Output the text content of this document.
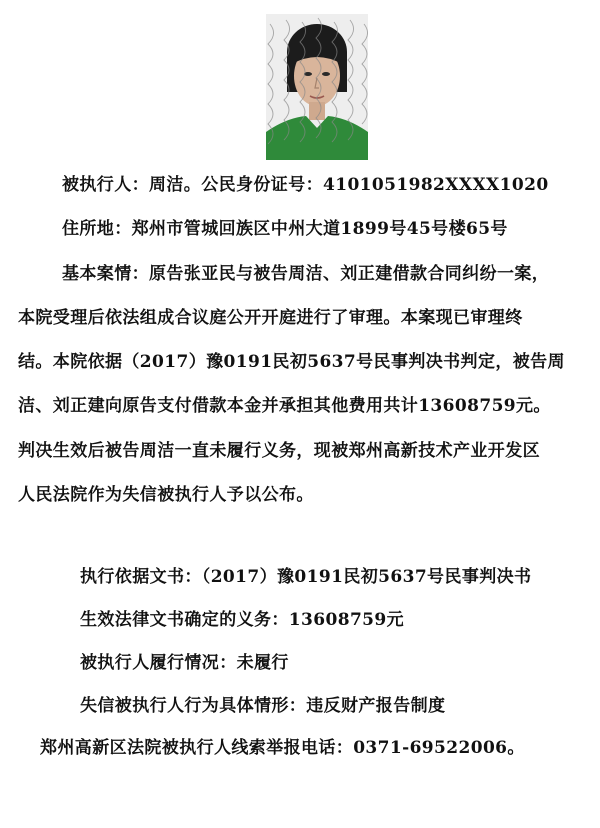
被执行人：周洁。公民身份证号：4101051982XXXX1020
住所地：郑州市管城回族区中州大道1899号45号楼65号
基本案情：原告张亚民与被告周洁、刘正建借款合同纠纷一案，
本院受理后依法组成合议庭公开开庭进行了审理。本案现已审理终
结。本院依据（2017）豫0191民初5637号民事判决书判定，被告周
洁、刘正建向原告支付借款本金并承担其他费用共计13608759元。
判决生效后被告周洁一直未履行义务，现被郑州高新技术产业开发区
人民法院作为失信被执行人予以公布。
执行依据文书：（2017）豫0191民初5637号民事判决书
生效法律文书确定的义务：13608759元
被执行人履行情况：未履行
失信被执行人行为具体情形：违反财产报告制度
郑州高新区法院被执行人线索举报电话：0371-69522006。
